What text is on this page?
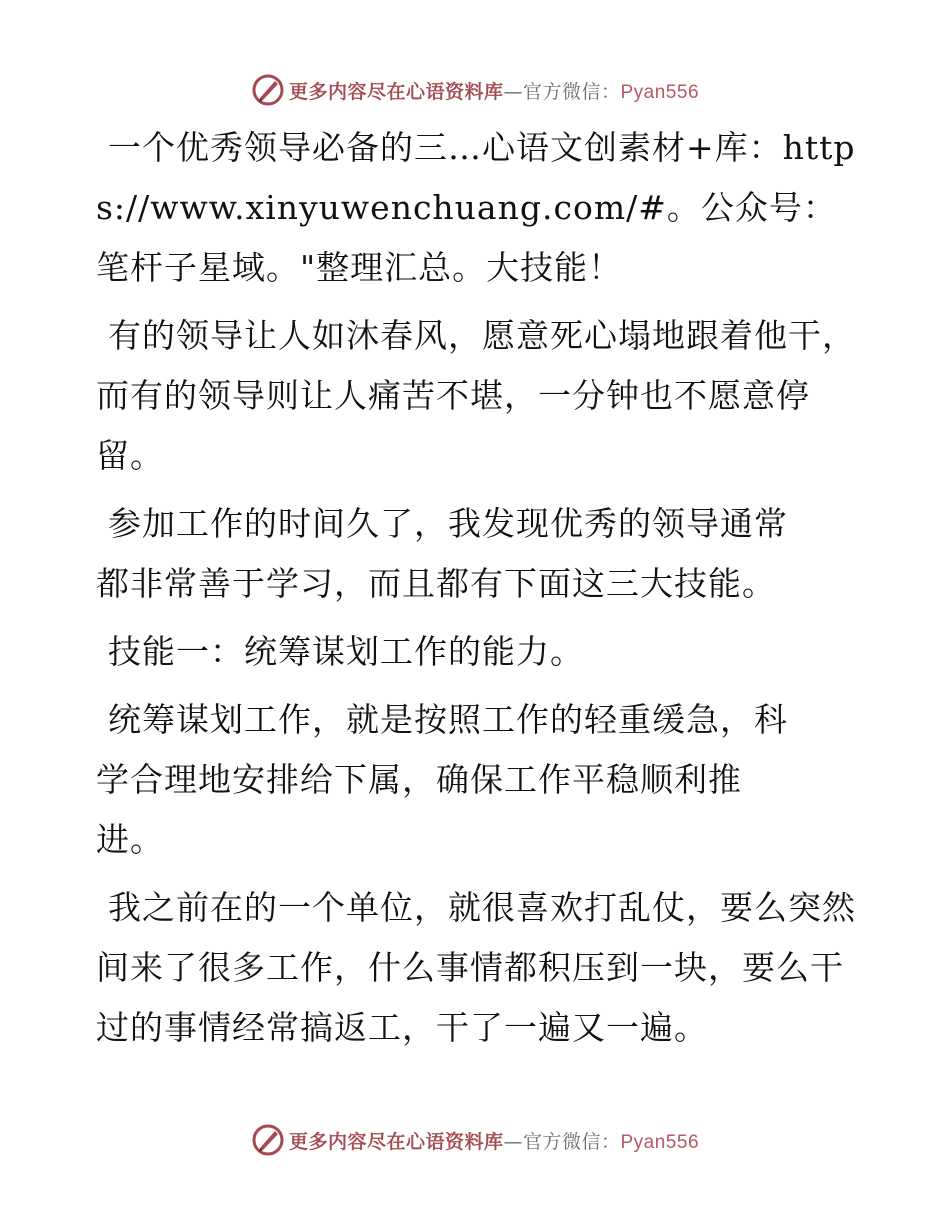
更多内容尽在心语资料库—官方微信：Pyan556

一个优秀领导必备的三…心语文创素材+库：https://www.xinyuwenchuang.com/#。公众号：笔杆子星域。"整理汇总。大技能！

有的领导让人如沐春风，愿意死心塌地跟着他干，而有的领导则让人痛苦不堪，一分钟也不愿意停留。

参加工作的时间久了，我发现优秀的领导通常都非常善于学习，而且都有下面这三大技能。

技能一：统筹谋划工作的能力。

统筹谋划工作，就是按照工作的轻重缓急，科学合理地安排给下属，确保工作平稳顺利推进。

我之前在的一个单位，就很喜欢打乱仗，要么突然间来了很多工作，什么事情都积压到一块，要么干过的事情经常搞返工，干了一遍又一遍。

更多内容尽在心语资料库—官方微信：Pyan556
